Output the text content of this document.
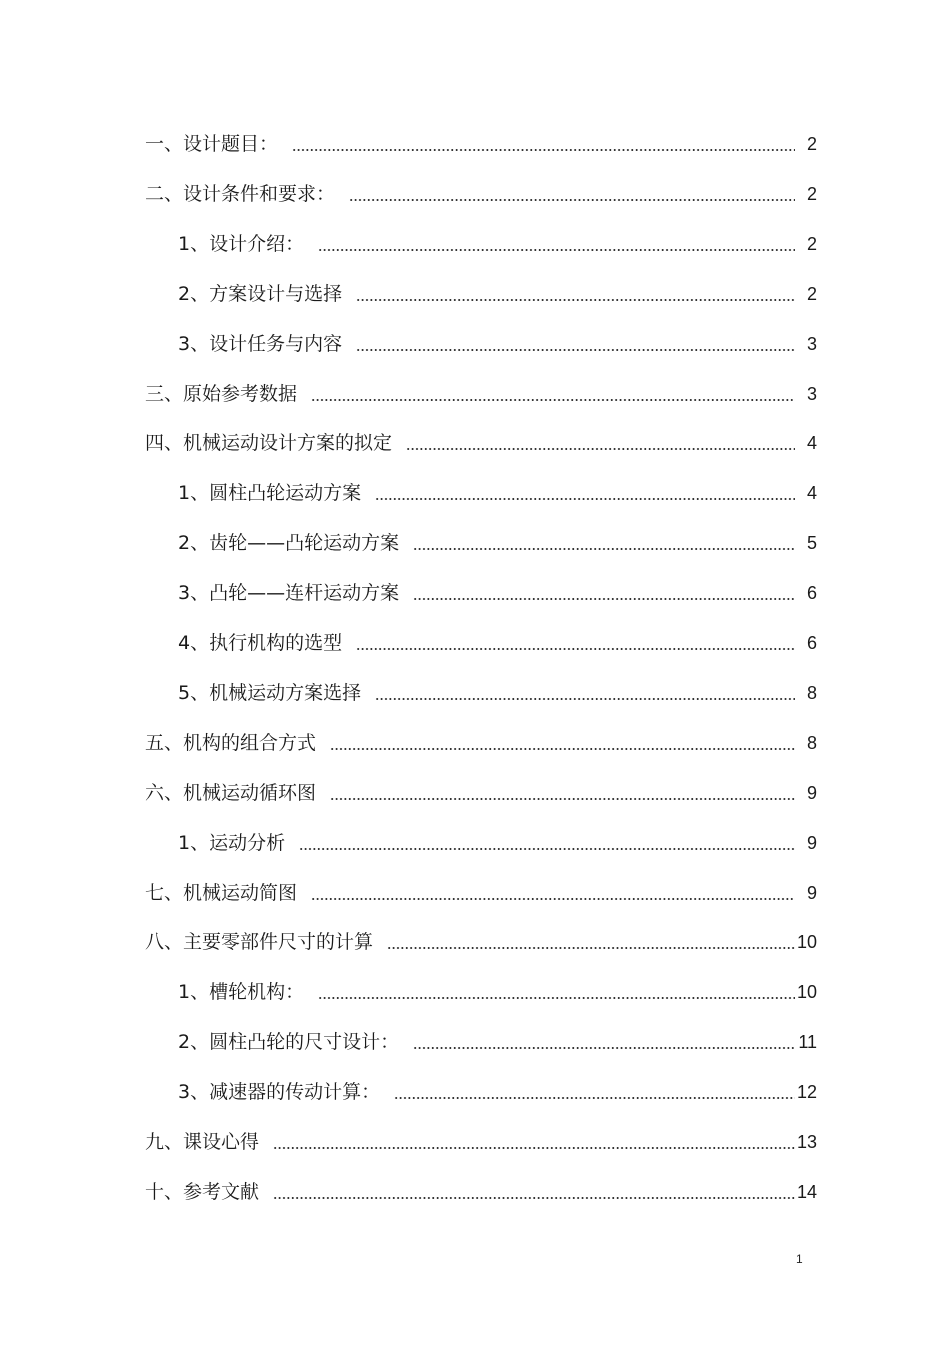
一、设计题目：	2
二、设计条件和要求：	2
1、设计介绍：	2
2、方案设计与选择	2
3、设计任务与内容	3
三、原始参考数据	3
四、机械运动设计方案的拟定	4
1、圆柱凸轮运动方案	4
2、齿轮——凸轮运动方案	5
3、凸轮——连杆运动方案	6
4、执行机构的选型	6
5、机械运动方案选择	8
五、机构的组合方式	8
六、机械运动循环图	9
1、运动分析	9
七、机械运动简图	9
八、主要零部件尺寸的计算	10
1、槽轮机构：	10
2、圆柱凸轮的尺寸设计：	11
3、减速器的传动计算：	12
九、课设心得	13
十、参考文献	14
1
